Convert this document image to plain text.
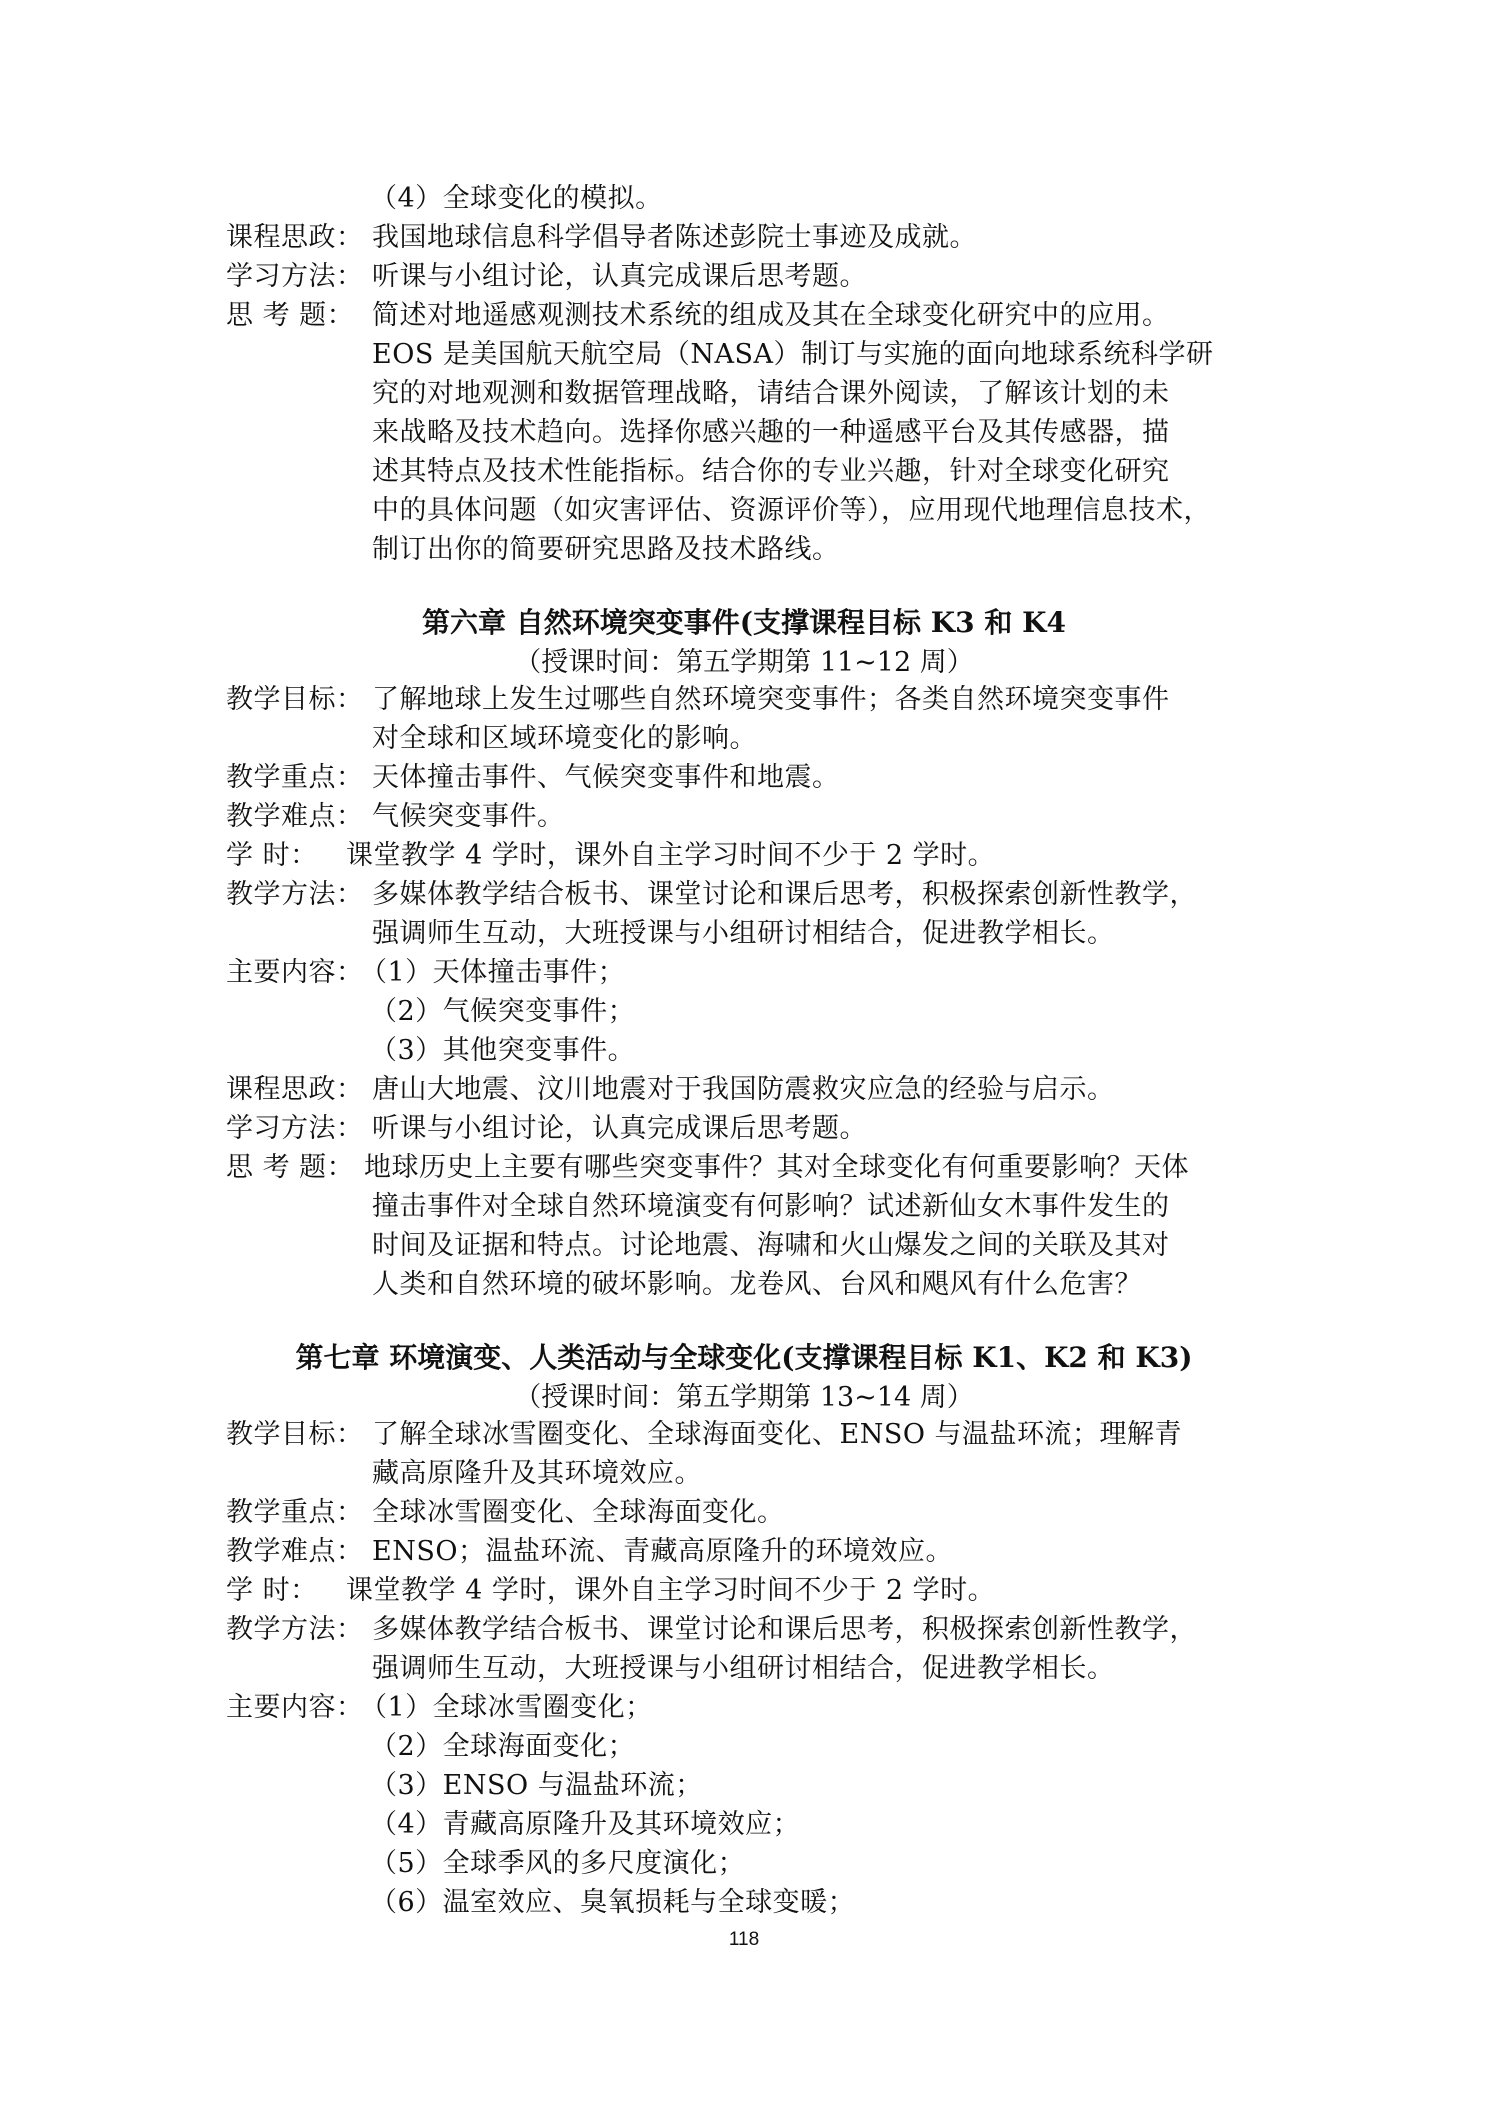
（4）全球变化的模拟。
课程思政： 我国地球信息科学倡导者陈述彭院士事迹及成就。
学习方法： 听课与小组讨论，认真完成课后思考题。
思 考 题： 简述对地遥感观测技术系统的组成及其在全球变化研究中的应用。
EOS 是美国航天航空局（NASA）制订与实施的面向地球系统科学研
究的对地观测和数据管理战略，请结合课外阅读，了解该计划的未
来战略及技术趋向。选择你感兴趣的一种遥感平台及其传感器，描
述其特点及技术性能指标。结合你的专业兴趣，针对全球变化研究
中的具体问题（如灾害评估、资源评价等），应用现代地理信息技术，
制订出你的简要研究思路及技术路线。
第六章 自然环境突变事件(支撑课程目标 K3 和 K4
（授课时间：第五学期第 11~12 周）
教学目标： 了解地球上发生过哪些自然环境突变事件；各类自然环境突变事件
对全球和区域环境变化的影响。
教学重点： 天体撞击事件、气候突变事件和地震。
教学难点： 气候突变事件。
学 时： 课堂教学 4 学时，课外自主学习时间不少于 2 学时。
教学方法： 多媒体教学结合板书、课堂讨论和课后思考，积极探索创新性教学，
强调师生互动，大班授课与小组研讨相结合，促进教学相长。
主要内容：
（1）天体撞击事件；
（2）气候突变事件；
（3）其他突变事件。
课程思政： 唐山大地震、汶川地震对于我国防震救灾应急的经验与启示。
学习方法： 听课与小组讨论，认真完成课后思考题。
思 考 题： 地球历史上主要有哪些突变事件？其对全球变化有何重要影响？天体
撞击事件对全球自然环境演变有何影响？试述新仙女木事件发生的
时间及证据和特点。讨论地震、海啸和火山爆发之间的关联及其对
人类和自然环境的破坏影响。龙卷风、台风和飓风有什么危害？
第七章 环境演变、人类活动与全球变化(支撑课程目标 K1、K2 和 K3)
（授课时间：第五学期第 13~14 周）
教学目标： 了解全球冰雪圈变化、全球海面变化、ENSO 与温盐环流；理解青
藏高原隆升及其环境效应。
教学重点： 全球冰雪圈变化、全球海面变化。
教学难点： ENSO；温盐环流、青藏高原隆升的环境效应。
学 时： 课堂教学 4 学时，课外自主学习时间不少于 2 学时。
教学方法： 多媒体教学结合板书、课堂讨论和课后思考，积极探索创新性教学，
强调师生互动，大班授课与小组研讨相结合，促进教学相长。
主要内容：
（1）全球冰雪圈变化；
（2）全球海面变化；
（3）ENSO 与温盐环流；
（4）青藏高原隆升及其环境效应；
（5）全球季风的多尺度演化；
（6）温室效应、臭氧损耗与全球变暖；
118
